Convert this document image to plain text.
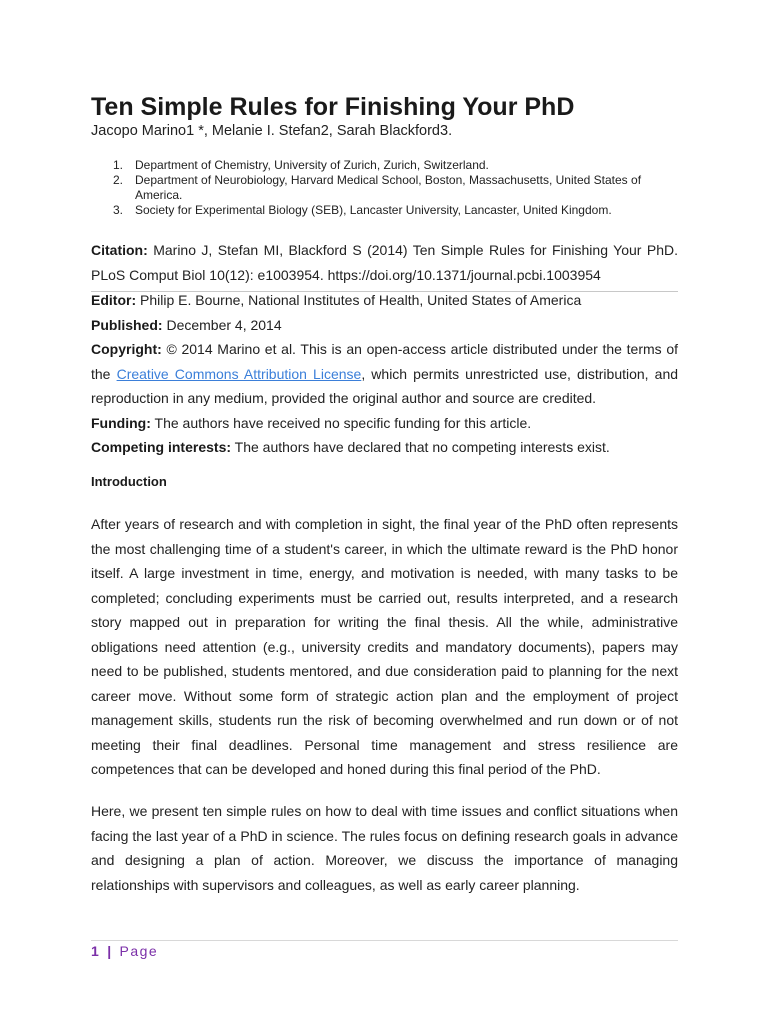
Ten Simple Rules for Finishing Your PhD
Jacopo Marino1 *, Melanie I. Stefan2, Sarah Blackford3.
1. Department of Chemistry, University of Zurich, Zurich, Switzerland.
2. Department of Neurobiology, Harvard Medical School, Boston, Massachusetts, United States of America.
3. Society for Experimental Biology (SEB), Lancaster University, Lancaster, United Kingdom.

Citation: Marino J, Stefan MI, Blackford S (2014) Ten Simple Rules for Finishing Your PhD. PLoS Comput Biol 10(12): e1003954. https://doi.org/10.1371/journal.pcbi.1003954

Editor: Philip E. Bourne, National Institutes of Health, United States of America

Published: December 4, 2014

Copyright: © 2014 Marino et al. This is an open-access article distributed under the terms of the Creative Commons Attribution License, which permits unrestricted use, distribution, and reproduction in any medium, provided the original author and source are credited.

Funding: The authors have received no specific funding for this article.

Competing interests: The authors have declared that no competing interests exist.

Introduction

After years of research and with completion in sight, the final year of the PhD often represents the most challenging time of a student's career, in which the ultimate reward is the PhD honor itself. A large investment in time, energy, and motivation is needed, with many tasks to be completed; concluding experiments must be carried out, results interpreted, and a research story mapped out in preparation for writing the final thesis. All the while, administrative obligations need attention (e.g., university credits and mandatory documents), papers may need to be published, students mentored, and due consideration paid to planning for the next career move. Without some form of strategic action plan and the employment of project management skills, students run the risk of becoming overwhelmed and run down or of not meeting their final deadlines. Personal time management and stress resilience are competences that can be developed and honed during this final period of the PhD.

Here, we present ten simple rules on how to deal with time issues and conflict situations when facing the last year of a PhD in science. The rules focus on defining research goals in advance and designing a plan of action. Moreover, we discuss the importance of managing relationships with supervisors and colleagues, as well as early career planning.

1 | Page
